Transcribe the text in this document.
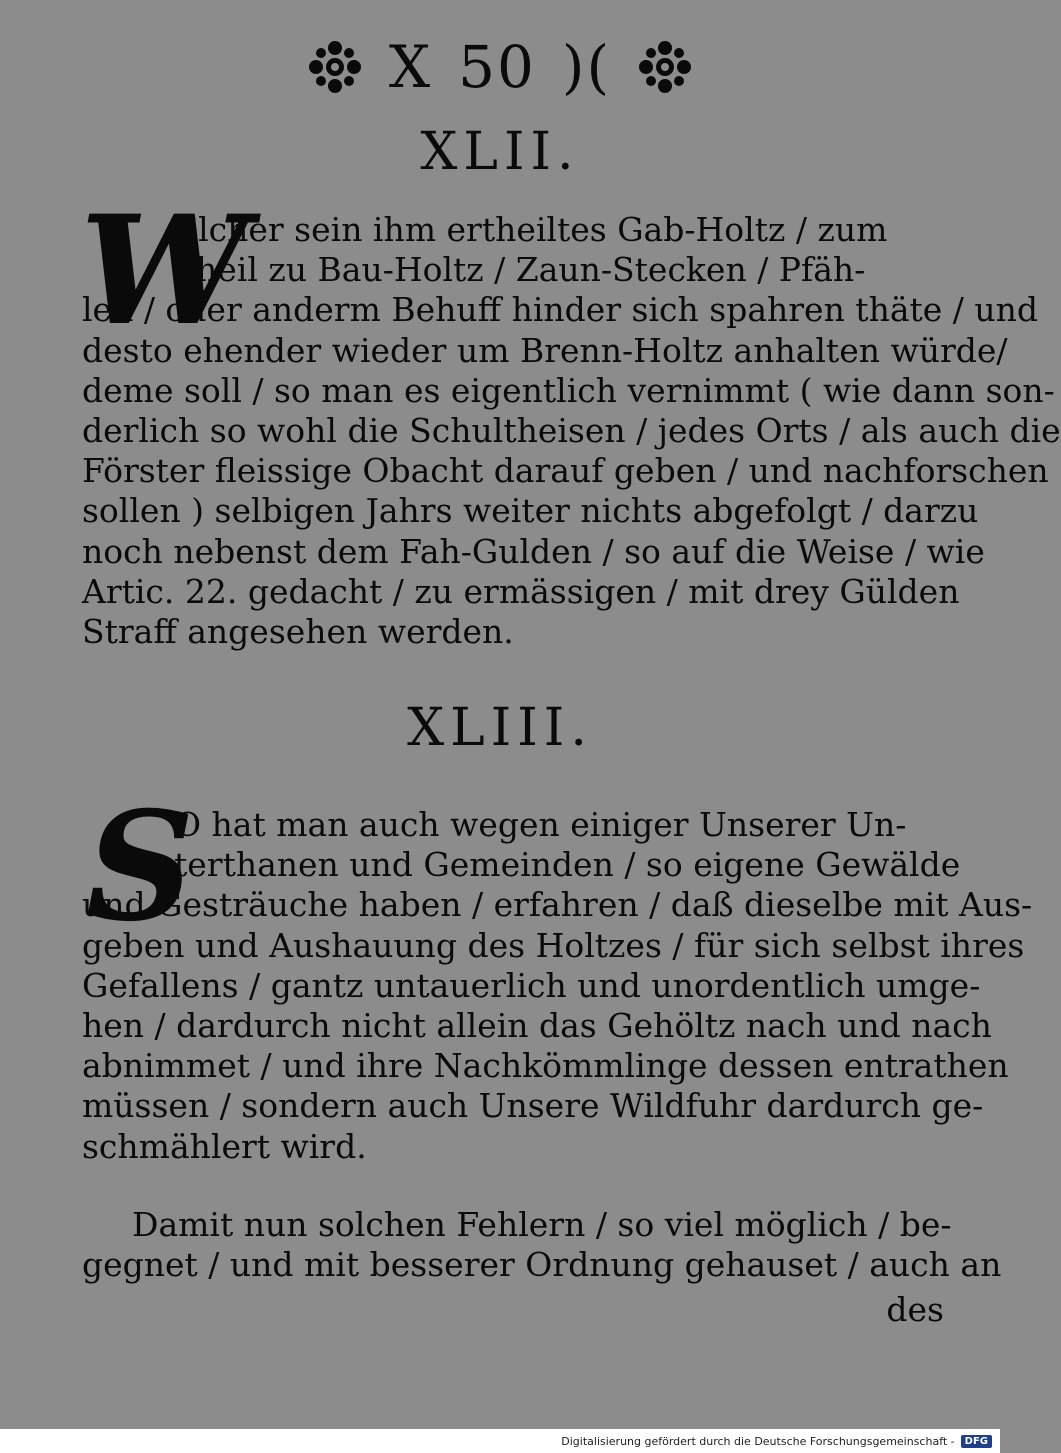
X 50 )(
XLII.
W
Elcher sein ihm ertheiltes Gab-Holtz / zum
Theil zu Bau-Holtz / Zaun-Stecken / Pfäh-
len / oder anderm Behuff hinder sich spahren thäte / und
desto ehender wieder um Brenn-Holtz anhalten würde/
deme soll / so man es eigentlich vernimmt ( wie dann son-
derlich so wohl die Schultheisen / jedes Orts / als auch die
Förster fleissige Obacht darauf geben / und nachforschen
sollen ) selbigen Jahrs weiter nichts abgefolgt / darzu
noch nebenst dem Fah-Gulden / so auf die Weise / wie
Artic. 22. gedacht / zu ermässigen / mit drey Gülden
Straff angesehen werden.
XLIII.
S
O hat man auch wegen einiger Unserer Un-
terthanen und Gemeinden / so eigene Gewälde
und Gesträuche haben / erfahren / daß dieselbe mit Aus-
geben und Aushauung des Holtzes / für sich selbst ihres
Gefallens / gantz untauerlich und unordentlich umge-
hen / dardurch nicht allein das Gehöltz nach und nach
abnimmet / und ihre Nachkömmlinge dessen entrathen
müssen / sondern auch Unsere Wildfuhr dardurch ge-
schmählert wird.
Damit nun solchen Fehlern / so viel möglich / be-
gegnet / und mit besserer Ordnung gehauset / auch an
des
Digitalisierung gefördert durch die Deutsche Forschungsgemeinschaft -	DFG
